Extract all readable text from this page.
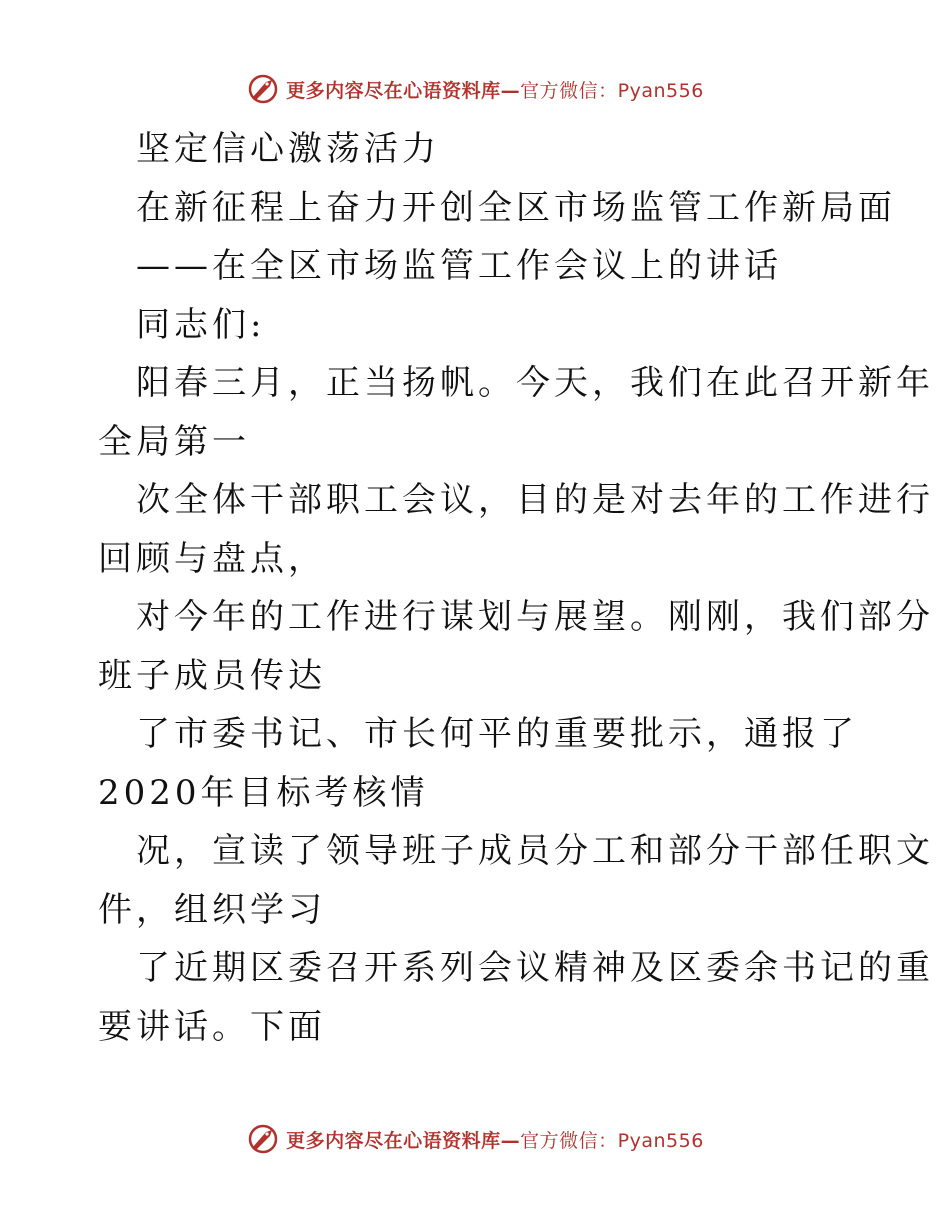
更多内容尽在心语资料库—官方微信：Pyan556
坚定信心激荡活力
在新征程上奋力开创全区市场监管工作新局面
——在全区市场监管工作会议上的讲话
同志们:
阳春三月，正当扬帆。今天，我们在此召开新年
全局第一
次全体干部职工会议，目的是对去年的工作进行
回顾与盘点，
对今年的工作进行谋划与展望。刚刚，我们部分
班子成员传达
了市委书记、市长何平的重要批示，通报了
2020年目标考核情
况，宣读了领导班子成员分工和部分干部任职文
件，组织学习
了近期区委召开系列会议精神及区委余书记的重
要讲话。下面
更多内容尽在心语资料库—官方微信：Pyan556
